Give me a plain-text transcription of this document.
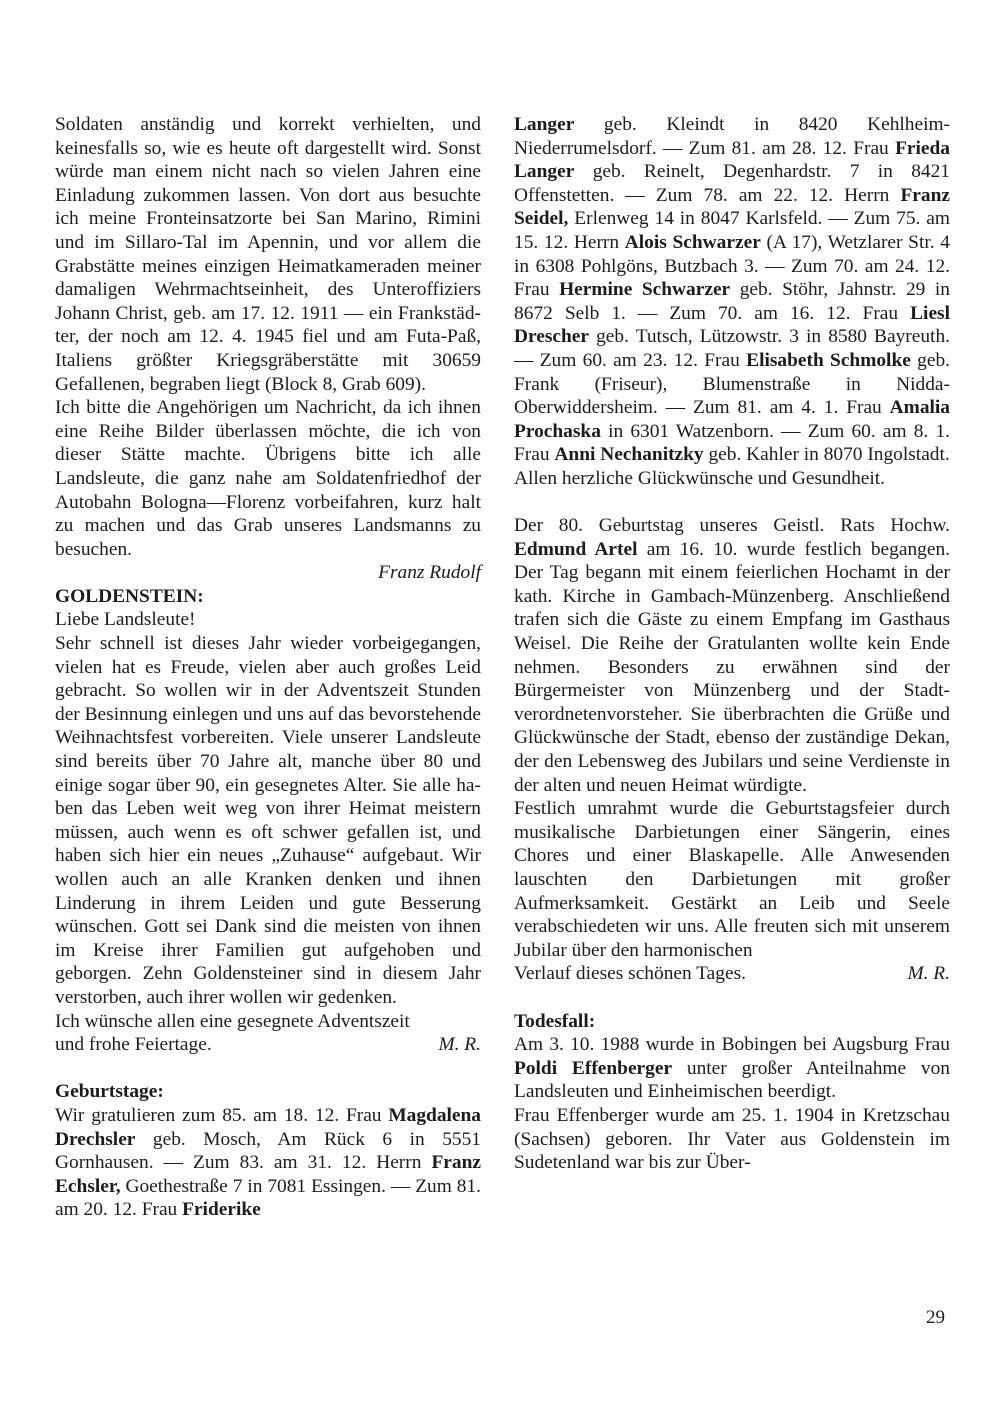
Soldaten anständig und korrekt verhielten, und keinesfalls so, wie es heute oft dargestellt wird. Sonst würde man einem nicht nach so vielen Jahren eine Einladung zukommen lassen. Von dort aus besuchte ich meine Fronteinsatzorte bei San Marino, Rimini und im Sillaro-Tal im Apennin, und vor allem die Grabstätte meines einzigen Heimatkameraden meiner damaligen Wehrmachtseinheit, des Unteroffiziers Johann Christ, geb. am 17. 12. 1911 — ein Frankstädter, der noch am 12. 4. 1945 fiel und am Futa-Paß, Italiens größter Kriegsgräberstätte mit 30659 Gefallenen, begraben liegt (Block 8, Grab 609).

Ich bitte die Angehörigen um Nachricht, da ich ihnen eine Reihe Bilder überlassen möchte, die ich von dieser Stätte machte. Übrigens bitte ich alle Landsleute, die ganz nahe am Soldatenfriedhof der Autobahn Bologna—Florenz vorbeifahren, kurz halt zu machen und das Grab unseres Landsmanns zu besuchen.

Franz Rudolf

GOLDENSTEIN:

Liebe Landsleute!

Sehr schnell ist dieses Jahr wieder vorbeigegangen, vielen hat es Freude, vielen aber auch großes Leid gebracht. So wollen wir in der Adventszeit Stunden der Besinnung einlegen und uns auf das bevorstehende Weihnachtsfest vorbereiten. Viele unserer Landsleute sind bereits über 70 Jahre alt, manche über 80 und einige sogar über 90, ein gesegnetes Alter. Sie alle haben das Leben weit weg von ihrer Heimat meistern müssen, auch wenn es oft schwer gefallen ist, und haben sich hier ein neues „Zuhause“ aufgebaut. Wir wollen auch an alle Kranken denken und ihnen Linderung in ihrem Leiden und gute Besserung wünschen. Gott sei Dank sind die meisten von ihnen im Kreise ihrer Familien gut aufgehoben und geborgen. Zehn Goldensteiner sind in diesem Jahr verstorben, auch ihrer wollen wir gedenken.

Ich wünsche allen eine gesegnete Adventszeit

und frohe Feiertage.	M. R.

Geburtstage:

Wir gratulieren zum 85. am 18. 12. Frau Magdalena Drechsler geb. Mosch, Am Rück 6 in 5551 Gornhausen. — Zum 83. am 31. 12. Herrn Franz Echsler, Goethestraße 7 in 7081 Essingen. — Zum 81. am 20. 12. Frau Friderike

Langer geb. Kleindt in 8420 Kehlheim-Niederrumelsdorf. — Zum 81. am 28. 12. Frau Frieda Langer geb. Reinelt, Degenhardstr. 7 in 8421 Offenstetten. — Zum 78. am 22. 12. Herrn Franz Seidel, Erlenweg 14 in 8047 Karlsfeld. — Zum 75. am 15. 12. Herrn Alois Schwarzer (A 17), Wetzlarer Str. 4 in 6308 Pohlgöns, Butzbach 3. — Zum 70. am 24. 12. Frau Hermine Schwarzer geb. Stöhr, Jahnstr. 29 in 8672 Selb 1. — Zum 70. am 16. 12. Frau Liesl Drescher geb. Tutsch, Lützowstr. 3 in 8580 Bayreuth. — Zum 60. am 23. 12. Frau Elisabeth Schmolke geb. Frank (Friseur), Blumenstraße in Nidda-Oberwiddersheim. — Zum 81. am 4. 1. Frau Amalia Prochaska in 6301 Watzenborn. — Zum 60. am 8. 1. Frau Anni Nechanitzky geb. Kahler in 8070 Ingolstadt.

Allen herzliche Glückwünsche und Gesundheit.

Der 80. Geburtstag unseres Geistl. Rats Hochw. Edmund Artel am 16. 10. wurde festlich begangen. Der Tag begann mit einem feierlichen Hochamt in der kath. Kirche in Gambach-Münzenberg. Anschließend trafen sich die Gäste zu einem Empfang im Gasthaus Weisel. Die Reihe der Gratulanten wollte kein Ende nehmen. Besonders zu erwähnen sind der Bürgermeister von Münzenberg und der Stadtverordnetenvorsteher. Sie überbrachten die Grüße und Glückwünsche der Stadt, ebenso der zuständige Dekan, der den Lebensweg des Jubilars und seine Verdienste in der alten und neuen Heimat würdigte.

Festlich umrahmt wurde die Geburtstagsfeier durch musikalische Darbietungen einer Sängerin, eines Chores und einer Blaskapelle. Alle Anwesenden lauschten den Darbietungen mit großer Aufmerksamkeit. Gestärkt an Leib und Seele verabschiedeten wir uns. Alle freuten sich mit unserem Jubilar über den harmonischen

Verlauf dieses schönen Tages.	M. R.

Todesfall:

Am 3. 10. 1988 wurde in Bobingen bei Augsburg Frau Poldi Effenberger unter großer Anteilnahme von Landsleuten und Einheimischen beerdigt.

Frau Effenberger wurde am 25. 1. 1904 in Kretzschau (Sachsen) geboren. Ihr Vater aus Goldenstein im Sudetenland war bis zur Über-

29
